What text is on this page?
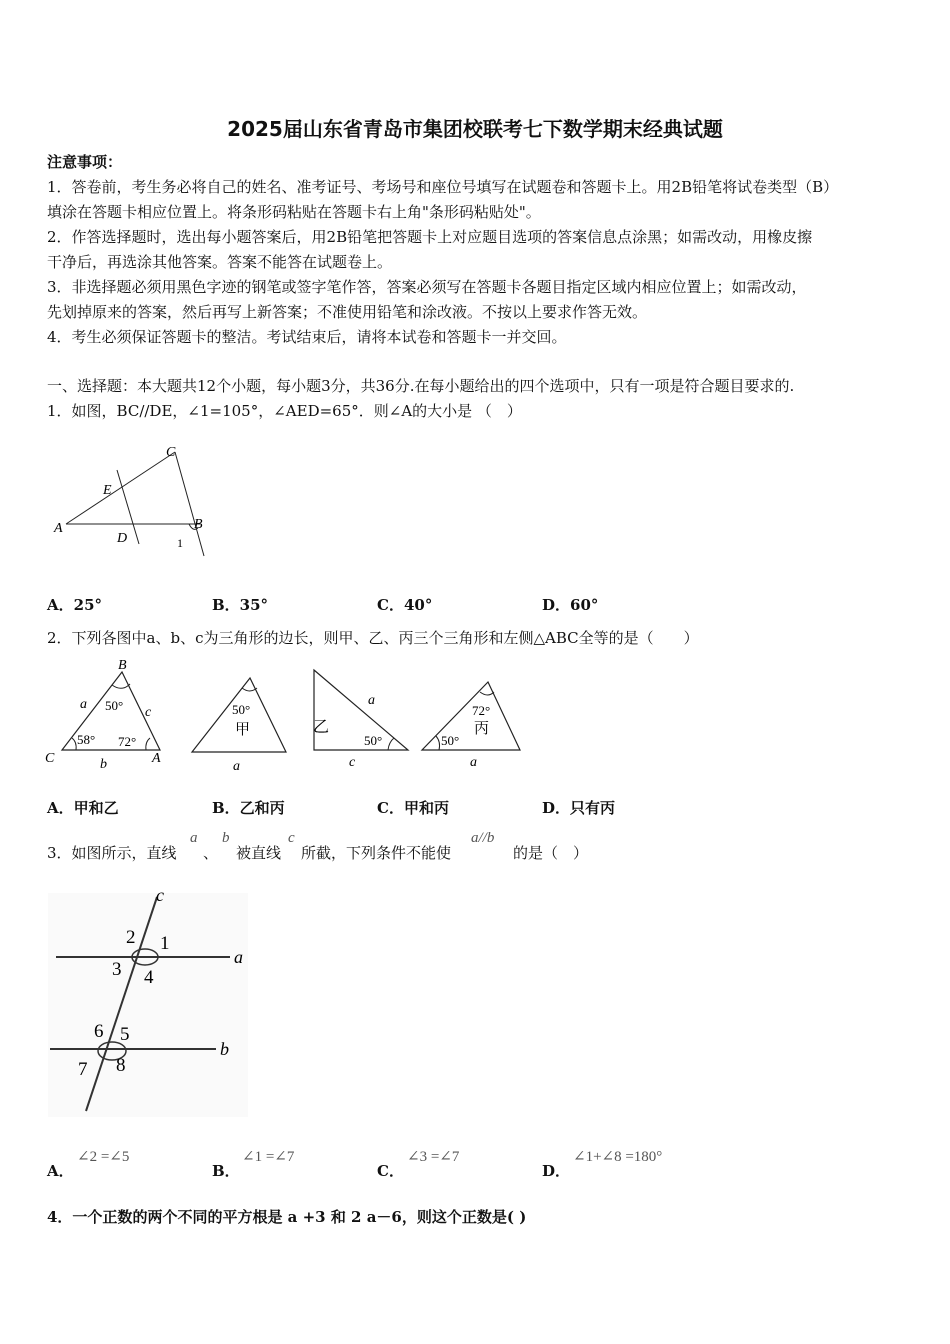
2025届山东省青岛市集团校联考七下数学期末经典试题
注意事项：
1．答卷前，考生务必将自己的姓名、准考证号、考场号和座位号填写在试题卷和答题卡上。用2B铅笔将试卷类型（B）
填涂在答题卡相应位置上。将条形码粘贴在答题卡右上角"条形码粘贴处"。
2．作答选择题时，选出每小题答案后，用2B铅笔把答题卡上对应题目选项的答案信息点涂黑；如需改动，用橡皮擦
干净后，再选涂其他答案。答案不能答在试题卷上。
3．非选择题必须用黑色字迹的钢笔或签字笔作答，答案必须写在答题卡各题目指定区域内相应位置上；如需改动，
先划掉原来的答案，然后再写上新答案；不准使用铅笔和涂改液。不按以上要求作答无效。
4．考生必须保证答题卡的整洁。考试结束后，请将本试卷和答题卡一并交回。
一、选择题：本大题共12个小题，每小题3分，共36分.在每小题给出的四个选项中，只有一项是符合题目要求的.
1．如图，BC//DE，∠1=105°，∠AED=65°．则∠A的大小是 （　）
A	B
C
D
E
1
A．25°	B．35°	C．40°	D．60°
2．下列各图中a、b、c为三角形的边长，则甲、乙、丙三个三角形和左侧△ABC全等的是（　　）
B
C	A
a
b
c
50°
58° 72°
50°
甲
a
乙
50°
a
c
72°
丙
50°
a
A．甲和乙	B．乙和丙	C．甲和丙	D．只有丙
3．如图所示，直线
a
、
b
被直线
c
所截，下列条件不能使
a//b
的是（　）
c
a
b
1
2
3 4
5
6
7 8
A．
∠2 =∠5
B．
∠1 =∠7
C．
∠3 =∠7
D．
∠1+∠8 =180°
4．一个正数的两个不同的平方根是 a +3 和 2 a－6，则这个正数是( )
